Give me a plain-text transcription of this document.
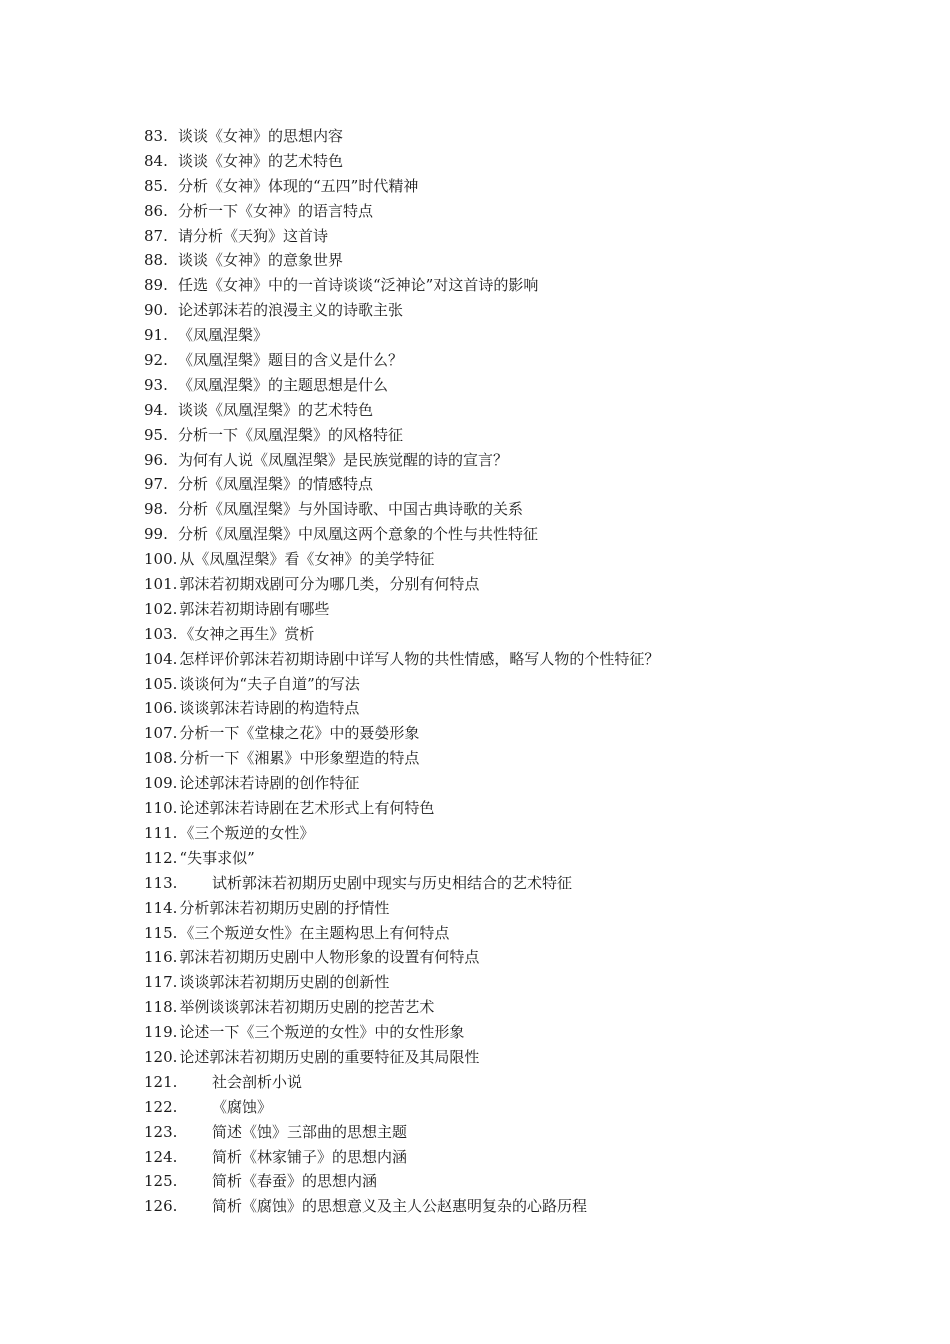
83. 谈谈《女神》的思想内容
84. 谈谈《女神》的艺术特色
85. 分析《女神》体现的“五四”时代精神
86. 分析一下《女神》的语言特点
87. 请分析《天狗》这首诗
88. 谈谈《女神》的意象世界
89. 任选《女神》中的一首诗谈谈“泛神论”对这首诗的影响
90. 论述郭沫若的浪漫主义的诗歌主张
91. 《凤凰涅槃》
92. 《凤凰涅槃》题目的含义是什么？
93. 《凤凰涅槃》的主题思想是什么
94. 谈谈《凤凰涅槃》的艺术特色
95. 分析一下《凤凰涅槃》的风格特征
96. 为何有人说《凤凰涅槃》是民族觉醒的诗的宣言？
97. 分析《凤凰涅槃》的情感特点
98. 分析《凤凰涅槃》与外国诗歌、中国古典诗歌的关系
99. 分析《凤凰涅槃》中凤凰这两个意象的个性与共性特征
100. 从《凤凰涅槃》看《女神》的美学特征
101. 郭沫若初期戏剧可分为哪几类，分别有何特点
102. 郭沫若初期诗剧有哪些
103. 《女神之再生》赏析
104. 怎样评价郭沫若初期诗剧中详写人物的共性情感，略写人物的个性特征？
105. 谈谈何为“夫子自道”的写法
106. 谈谈郭沫若诗剧的构造特点
107. 分析一下《堂棣之花》中的聂嫈形象
108. 分析一下《湘累》中形象塑造的特点
109. 论述郭沫若诗剧的创作特征
110. 论述郭沫若诗剧在艺术形式上有何特色
111. 《三个叛逆的女性》
112. “失事求似”
113.	试析郭沫若初期历史剧中现实与历史相结合的艺术特征
114. 分析郭沫若初期历史剧的抒情性
115. 《三个叛逆女性》在主题构思上有何特点
116. 郭沫若初期历史剧中人物形象的设置有何特点
117. 谈谈郭沫若初期历史剧的创新性
118. 举例谈谈郭沫若初期历史剧的挖苦艺术
119. 论述一下《三个叛逆的女性》中的女性形象
120. 论述郭沫若初期历史剧的重要特征及其局限性
121.	社会剖析小说
122.	《腐蚀》
123.	简述《蚀》三部曲的思想主题
124.	简析《林家铺子》的思想内涵
125.	简析《春蚕》的思想内涵
126.	简析《腐蚀》的思想意义及主人公赵惠明复杂的心路历程
